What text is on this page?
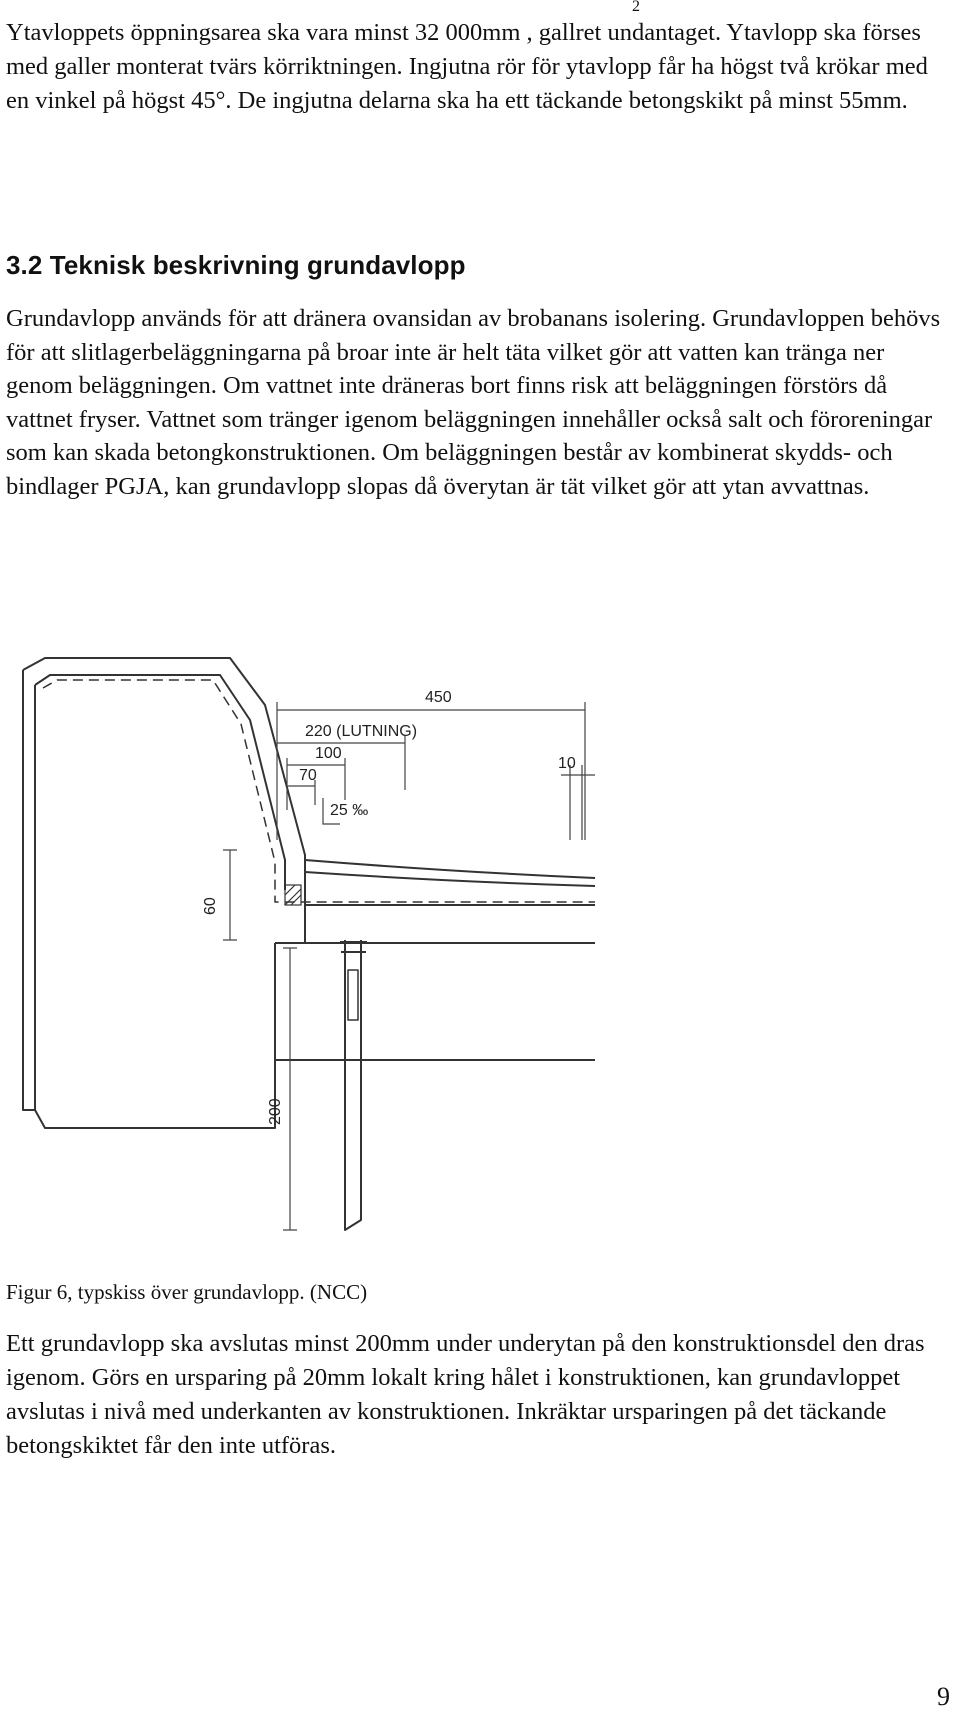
2

Ytavloppets öppningsarea ska vara minst 32 000mm , gallret undantaget. Ytavlopp ska förses med galler monterat tvärs körriktningen. Ingjutna rör för ytavlopp får ha högst två krökar med en vinkel på högst 45°. De ingjutna delarna ska ha ett täckande betongskikt på minst 55mm.

3.2 Teknisk beskrivning grundavlopp

Grundavlopp används för att dränera ovansidan av brobanans isolering. Grundavloppen behövs för att slitlagerbeläggningarna på broar inte är helt täta vilket gör att vatten kan tränga ner genom beläggningen. Om vattnet inte dräneras bort finns risk att beläggningen förstörs då vattnet fryser. Vattnet som tränger igenom beläggningen innehåller också salt och föroreningar som kan skada betongkonstruktionen. Om beläggningen består av kombinerat skydds- och bindlager PGJA, kan grundavlopp slopas då överytan är tät vilket gör att ytan avvattnas.

450
220 (LUTNING)
100
70
10
25 ‰
60
200

Figur 6, typskiss över grundavlopp. (NCC)

Ett grundavlopp ska avslutas minst 200mm under underytan på den konstruktionsdel den dras igenom. Görs en ursparing på 20mm lokalt kring hålet i konstruktionen, kan grundavloppet avslutas i nivå med underkanten av konstruktionen. Inkräktar ursparingen på det täckande betongskiktet får den inte utföras.

9
